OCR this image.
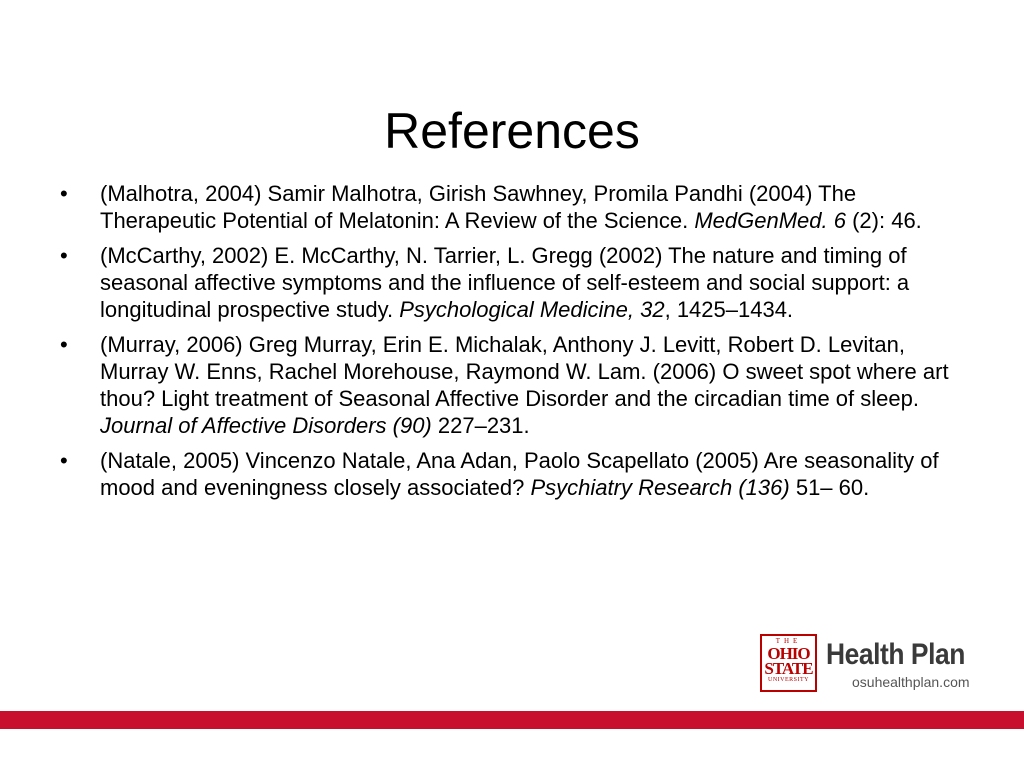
References
•	(Malhotra, 2004) Samir Malhotra, Girish Sawhney, Promila Pandhi (2004) The Therapeutic Potential of Melatonin: A Review of the Science. MedGenMed. 6 (2): 46.
•	(McCarthy, 2002) E. McCarthy, N. Tarrier, L. Gregg (2002) The nature and timing of seasonal affective symptoms and the influence of self-esteem and social support: a longitudinal prospective study. Psychological Medicine, 32, 1425–1434.
•	(Murray, 2006) Greg Murray, Erin E. Michalak, Anthony J. Levitt, Robert D. Levitan, Murray W. Enns, Rachel Morehouse, Raymond W. Lam. (2006) O sweet spot where art thou? Light treatment of Seasonal Affective Disorder and the circadian time of sleep. Journal of Affective Disorders (90) 227–231.
•	(Natale, 2005) Vincenzo Natale, Ana Adan, Paolo Scapellato (2005) Are seasonality of mood and eveningness closely associated? Psychiatry Research (136) 51– 60.
THE
OHIO
STATE
UNIVERSITY
Health Plan
osuhealthplan.com
